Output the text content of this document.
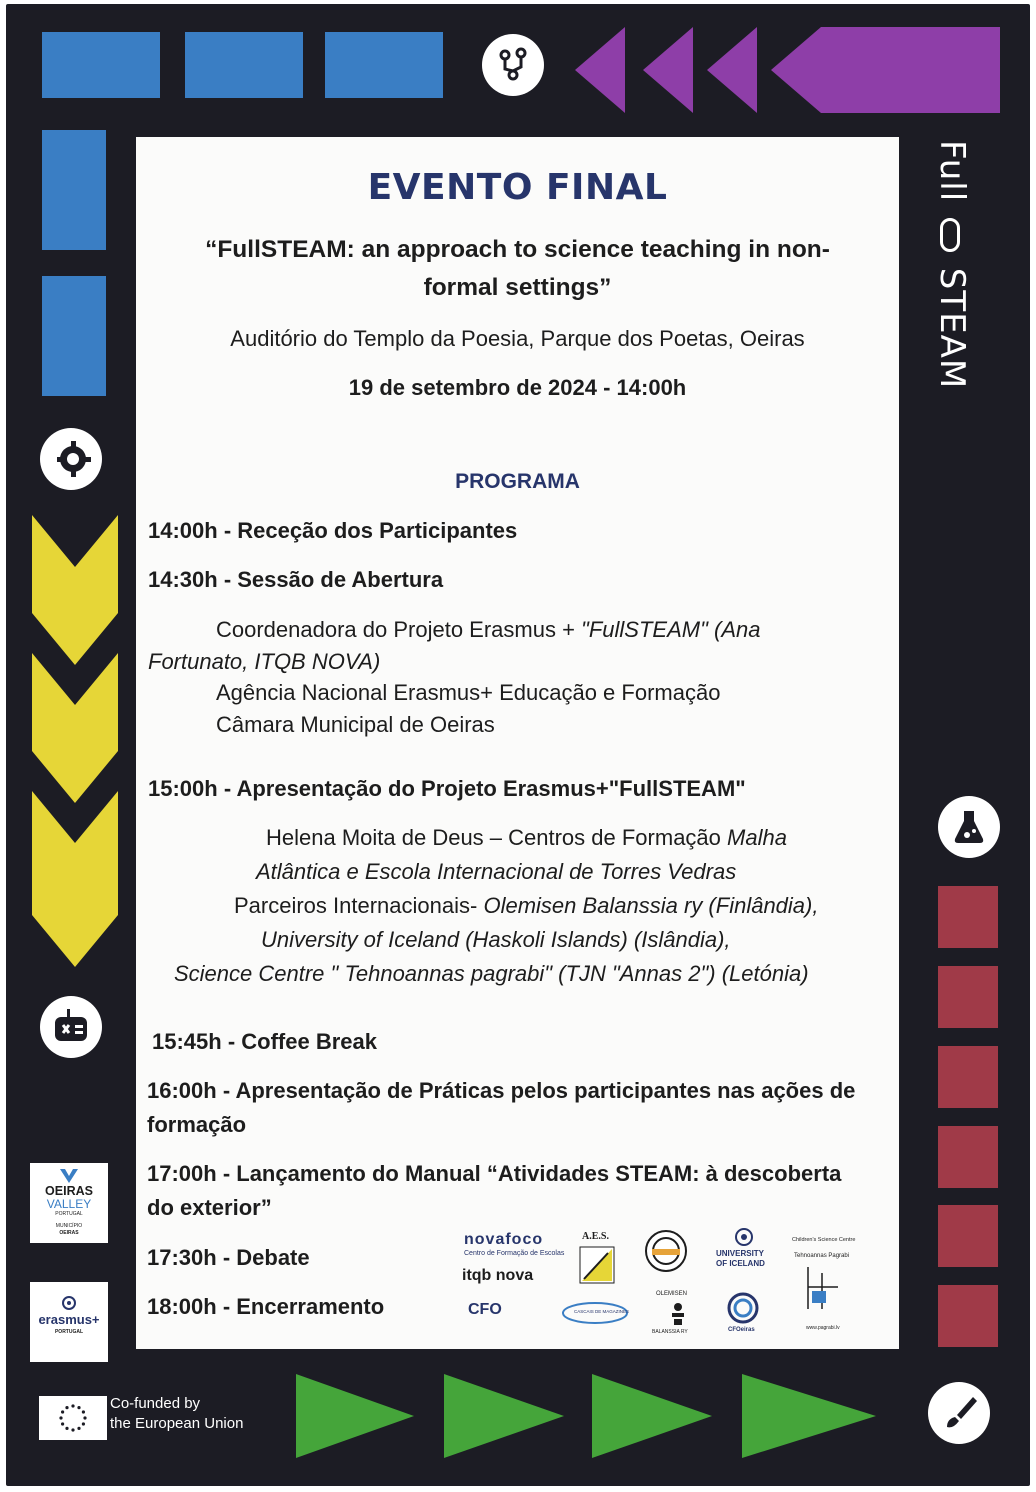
OEIRAS
VALLEY
PORTUGAL
MUNICÍPIO
OEIRAS
erasmus+
PORTUGAL
Co-funded by
the European Union
Full  STEAM
EVENTO FINAL
“FullSTEAM: an approach to science teaching in non-
formal settings”
Auditório do Templo da Poesia, Parque dos Poetas, Oeiras
19 de setembro de 2024 - 14:00h
PROGRAMA
14:00h - Receção dos Participantes
14:30h - Sessão de Abertura
Coordenadora do Projeto Erasmus + "FullSTEAM" (Ana
Fortunato, ITQB NOVA)
Agência Nacional Erasmus+ Educação e Formação
Câmara Municipal de Oeiras
15:00h - Apresentação do Projeto Erasmus+"FullSTEAM"
Helena Moita de Deus – Centros de Formação Malha
Atlântica e Escola Internacional de Torres Vedras
Parceiros Internacionais- Olemisen Balanssia ry (Finlândia),
University of Iceland (Haskoli Islands) (Islândia),
Science Centre " Tehnoannas pagrabi" (TJN "Annas 2") (Letónia)
15:45h - Coffee Break
16:00h - Apresentação de Práticas pelos participantes nas ações de
formação
17:00h - Lançamento do Manual “Atividades STEAM: à descoberta
do exterior”
17:30h - Debate
18:00h - Encerramento
novafoco
Centro de Formação de Escolas
itqb nova
A.E.S.
UNIVERSITY
OF ICELAND
Children's Science Centre
Tehnoannas Pagrabi
www.pagrabi.lv
CFO	CASCAIS DE MAGAZINES
OLEMISEN
BALANSSIA RY	CFOeiras
